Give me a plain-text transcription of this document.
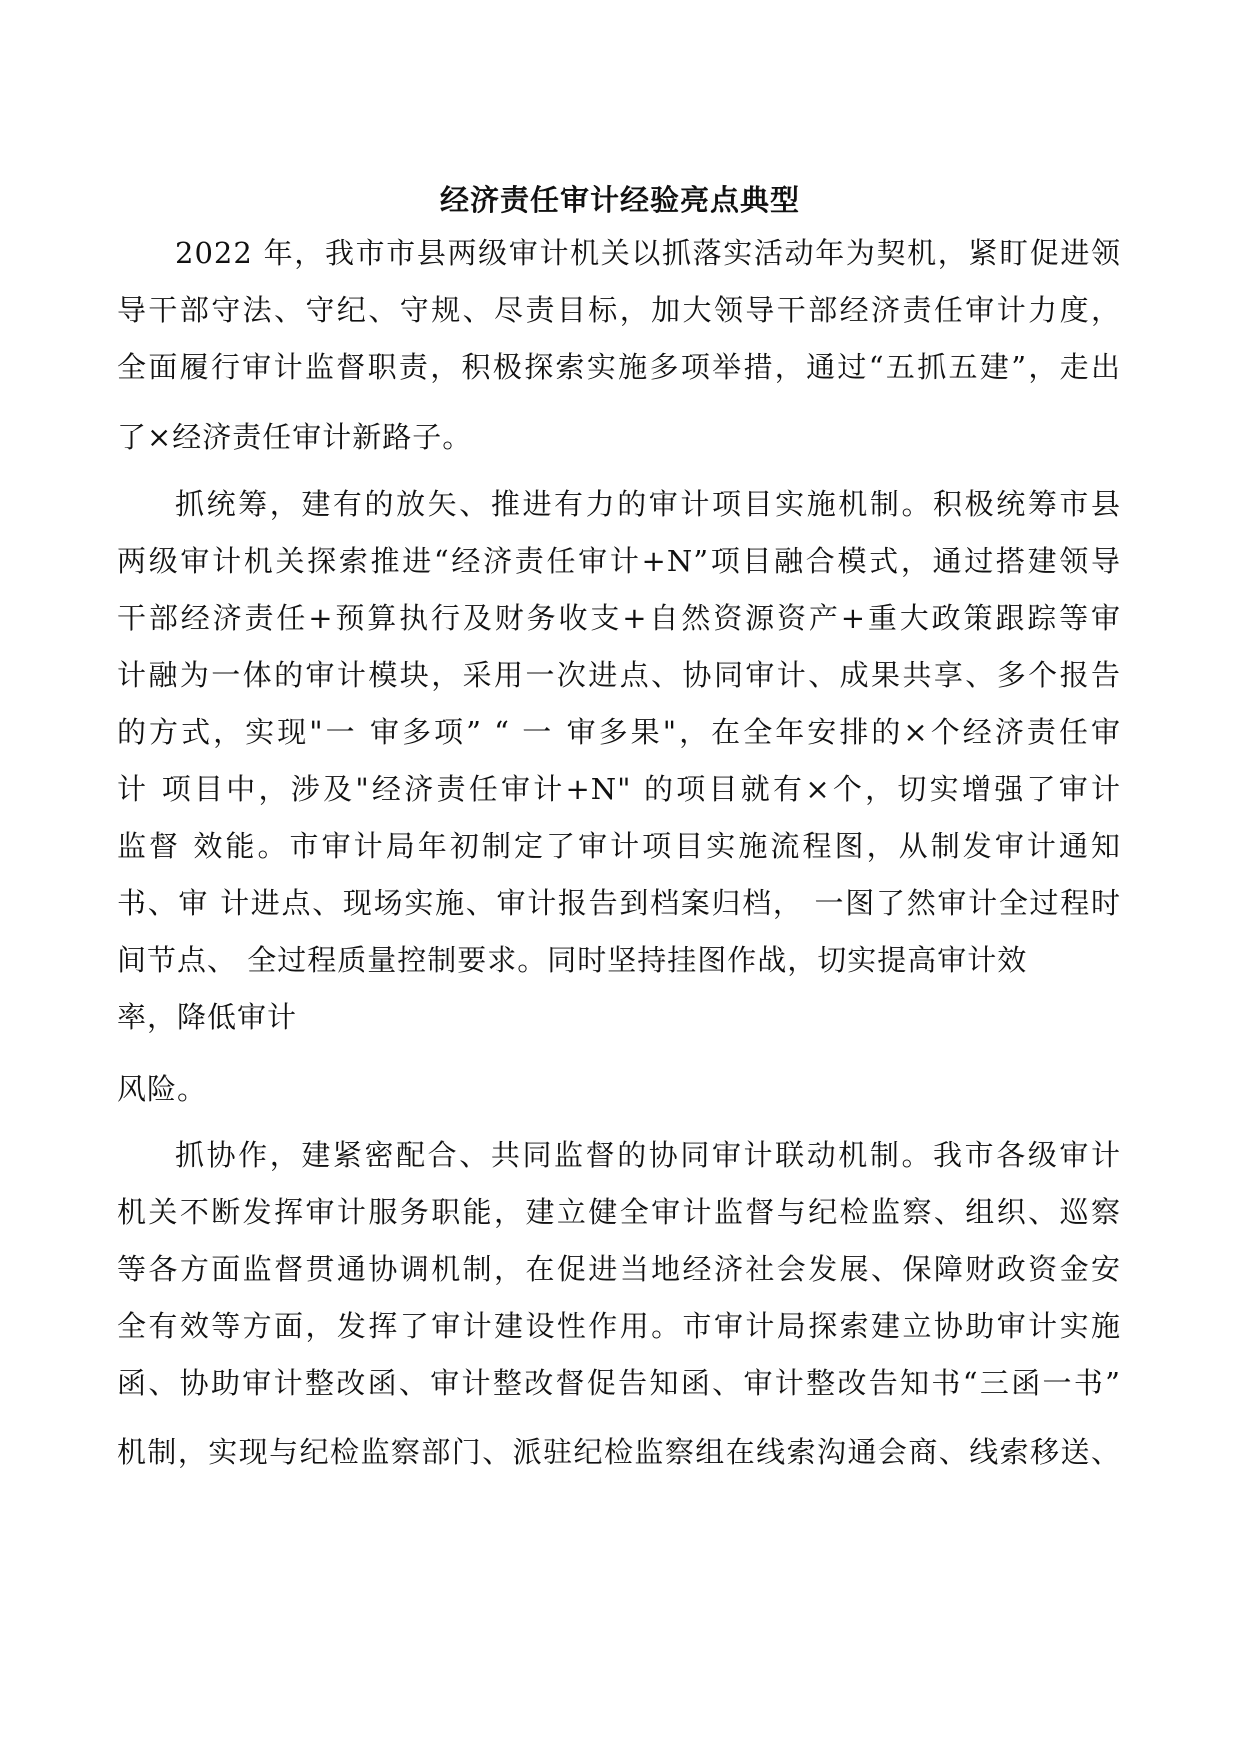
经济责任审计经验亮点典型
2022 年，我市市县两级审计机关以抓落实活动年为契机，紧盯促进领
导干部守法、守纪、守规、尽责目标，加大领导干部经济责任审计力度，
全面履行审计监督职责，积极探索实施多项举措，通过“五抓五建”，走出
了×经济责任审计新路子。
抓统筹，建有的放矢、推进有力的审计项目实施机制。积极统筹市县
两级审计机关探索推进“经济责任审计+N”项目融合模式，通过搭建领导
干部经济责任+预算执行及财务收支+自然资源资产+重大政策跟踪等审
计融为一体的审计模块，采用一次进点、协同审计、成果共享、多个报告
的方式，实现"一 审多项” “ 一 审多果"，在全年安排的×个经济责任审
计 项目中，涉及"经济责任审计+N" 的项目就有×个，切实增强了审计
监督 效能。市审计局年初制定了审计项目实施流程图，从制发审计通知
书、审 计进点、现场实施、审计报告到档案归档， 一图了然审计全过程时
间节点、 全过程质量控制要求。同时坚持挂图作战，切实提高审计效
率，降低审计
风险。
抓协作，建紧密配合、共同监督的协同审计联动机制。我市各级审计
机关不断发挥审计服务职能，建立健全审计监督与纪检监察、组织、巡察
等各方面监督贯通协调机制，在促进当地经济社会发展、保障财政资金安
全有效等方面，发挥了审计建设性作用。市审计局探索建立协助审计实施
函、协助审计整改函、审计整改督促告知函、审计整改告知书“三函一书”
机制，实现与纪检监察部门、派驻纪检监察组在线索沟通会商、线索移送、
